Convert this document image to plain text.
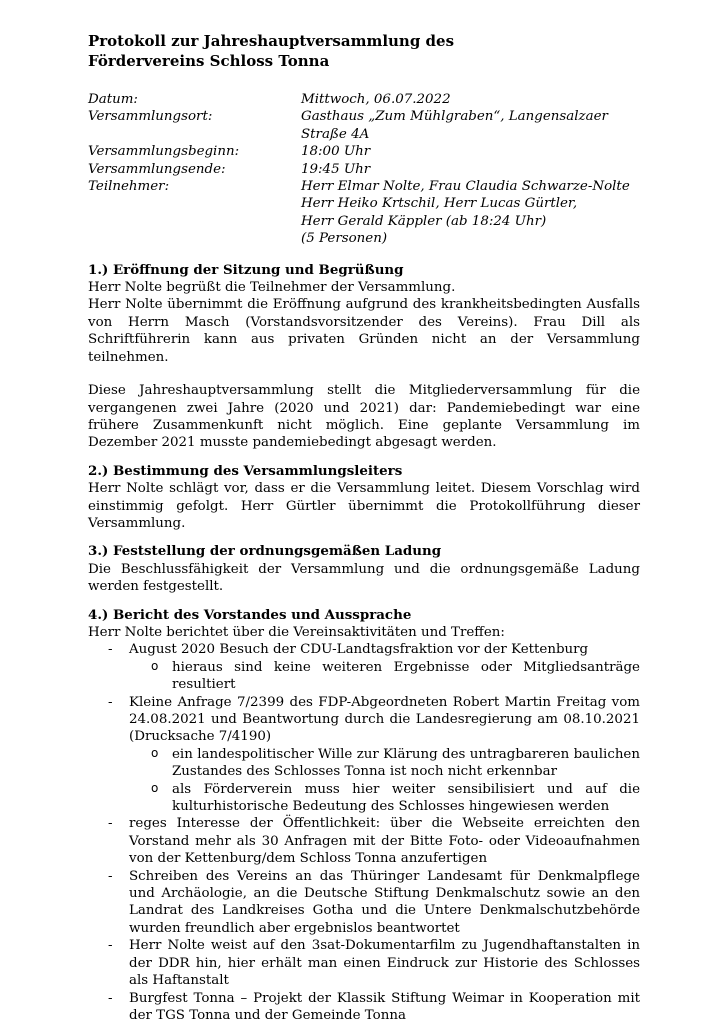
Protokoll zur Jahreshauptversammlung des
Fördervereins Schloss Tonna
Datum:	Mittwoch, 06.07.2022
Versammlungsort:	Gasthaus „Zum Mühlgraben“, Langensalzaer Straße 4A
Versammlungsbeginn:	18:00 Uhr
Versammlungsende:	19:45 Uhr
Teilnehmer:	Herr Elmar Nolte, Frau Claudia Schwarze-Nolte
	Herr Heiko Krtschil, Herr Lucas Gürtler,
	Herr Gerald Käppler (ab 18:24 Uhr)
	(5 Personen)
1.) Eröffnung der Sitzung und Begrüßung
Herr Nolte begrüßt die Teilnehmer der Versammlung.
Herr Nolte übernimmt die Eröffnung aufgrund des krankheitsbedingten Ausfalls von Herrn Masch (Vorstandsvorsitzender des Vereins). Frau Dill als Schriftführerin kann aus privaten Gründen nicht an der Versammlung teilnehmen.
Diese Jahreshauptversammlung stellt die Mitgliederversammlung für die vergangenen zwei Jahre (2020 und 2021) dar: Pandemiebedingt war eine frühere Zusammenkunft nicht möglich. Eine geplante Versammlung im Dezember 2021 musste pandemiebedingt abgesagt werden.
2.) Bestimmung des Versammlungsleiters
Herr Nolte schlägt vor, dass er die Versammlung leitet. Diesem Vorschlag wird einstimmig gefolgt. Herr Gürtler übernimmt die Protokollführung dieser Versammlung.
3.) Feststellung der ordnungsgemäßen Ladung
Die Beschlussfähigkeit der Versammlung und die ordnungsgemäße Ladung werden festgestellt.
4.) Bericht des Vorstandes und Aussprache
Herr Nolte berichtet über die Vereinsaktivitäten und Treffen:
- August 2020 Besuch der CDU-Landtagsfraktion vor der Kettenburg
o hieraus sind keine weiteren Ergebnisse oder Mitgliedsanträge resultiert
- Kleine Anfrage 7/2399 des FDP-Abgeordneten Robert Martin Freitag vom 24.08.2021 und Beantwortung durch die Landesregierung am 08.10.2021 (Drucksache 7/4190)
o ein landespolitischer Wille zur Klärung des untragbareren baulichen Zustandes des Schlosses Tonna ist noch nicht erkennbar
o als Förderverein muss hier weiter sensibilisiert und auf die kulturhistorische Bedeutung des Schlosses hingewiesen werden
- reges Interesse der Öffentlichkeit: über die Webseite erreichten den Vorstand mehr als 30 Anfragen mit der Bitte Foto- oder Videoaufnahmen von der Kettenburg/dem Schloss Tonna anzufertigen
- Schreiben des Vereins an das Thüringer Landesamt für Denkmalpflege und Archäologie, an die Deutsche Stiftung Denkmalschutz sowie an den Landrat des Landkreises Gotha und die Untere Denkmalschutzbehörde wurden freundlich aber ergebnislos beantwortet
- Herr Nolte weist auf den 3sat-Dokumentarfilm zu Jugendhaftanstalten in der DDR hin, hier erhält man einen Eindruck zur Historie des Schlosses als Haftanstalt
- Burgfest Tonna – Projekt der Klassik Stiftung Weimar in Kooperation mit der TGS Tonna und der Gemeinde Tonna
